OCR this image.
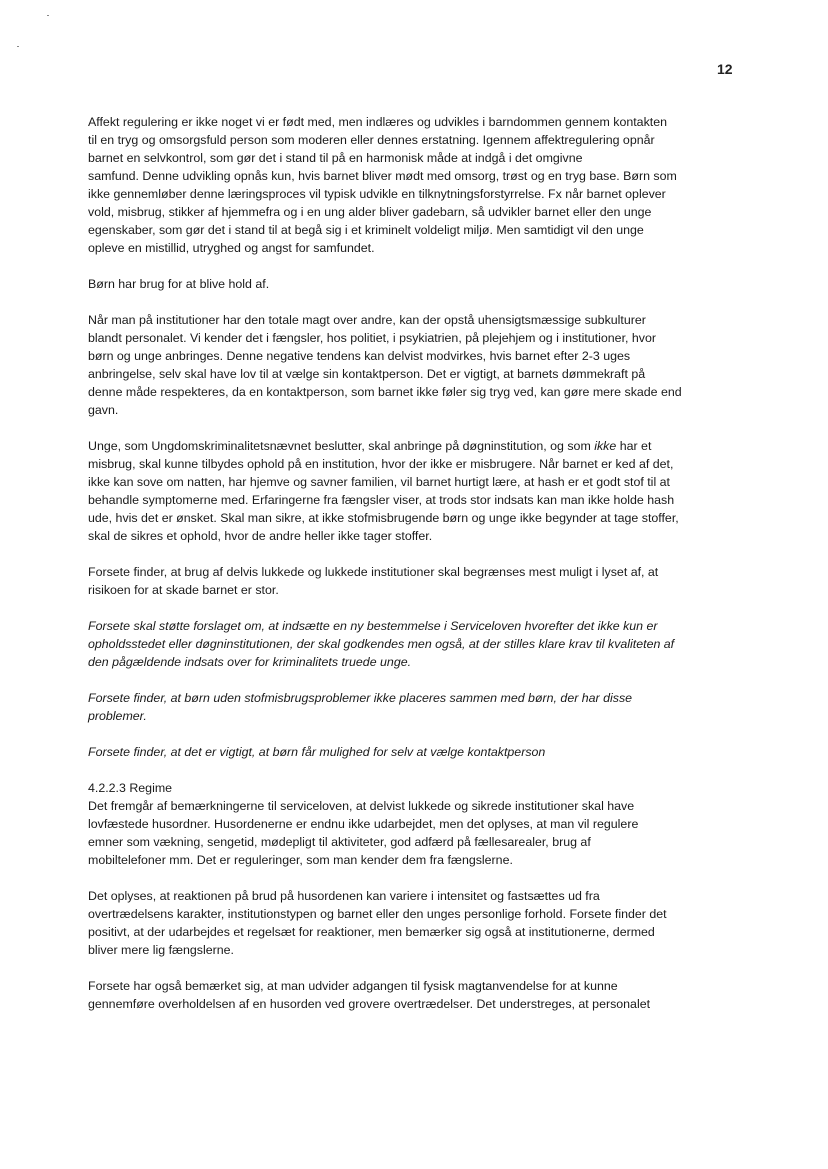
12

Affekt regulering er ikke noget vi er født med, men indlæres og udvikles i barndommen gennem kontakten
til en tryg og omsorgsfuld person som moderen eller dennes erstatning. Igennem affektregulering opnår
barnet en selvkontrol, som gør det i stand til på en harmonisk måde at indgå i det omgivne
samfund. Denne udvikling opnås kun, hvis barnet bliver mødt med omsorg, trøst og en tryg base. Børn som
ikke gennemløber denne læringsproces vil typisk udvikle en tilknytningsforstyrrelse. Fx når barnet oplever
vold, misbrug, stikker af hjemmefra og i en ung alder bliver gadebarn, så udvikler barnet eller den unge
egenskaber, som gør det i stand til at begå sig i et kriminelt voldeligt miljø. Men samtidigt vil den unge
opleve en mistillid, utryghed og angst for samfundet.

Børn har brug for at blive hold af.

Når man på institutioner har den totale magt over andre, kan der opstå uhensigtsmæssige subkulturer
blandt personalet. Vi kender det i fængsler, hos politiet, i psykiatrien, på plejehjem og i institutioner, hvor
børn og unge anbringes. Denne negative tendens kan delvist modvirkes, hvis barnet efter 2-3 uges
anbringelse, selv skal have lov til at vælge sin kontaktperson. Det er vigtigt, at barnets dømmekraft på
denne måde respekteres, da en kontaktperson, som barnet ikke føler sig tryg ved, kan gøre mere skade end
gavn.

Unge, som Ungdomskriminalitetsnævnet beslutter, skal anbringe på døgninstitution, og som ikke har et
misbrug, skal kunne tilbydes ophold på en institution, hvor der ikke er misbrugere. Når barnet er ked af det,
ikke kan sove om natten, har hjemve og savner familien, vil barnet hurtigt lære, at hash er et godt stof til at
behandle symptomerne med. Erfaringerne fra fængsler viser, at trods stor indsats kan man ikke holde hash
ude, hvis det er ønsket. Skal man sikre, at ikke stofmisbrugende børn og unge ikke begynder at tage stoffer,
skal de sikres et ophold, hvor de andre heller ikke tager stoffer.

Forsete finder, at brug af delvis lukkede og lukkede institutioner skal begrænses mest muligt i lyset af, at
risikoen for at skade barnet er stor.

Forsete skal støtte forslaget om, at indsætte en ny bestemmelse i Serviceloven hvorefter det ikke kun er
opholdsstedet eller døgninstitutionen, der skal godkendes men også, at der stilles klare krav til kvaliteten af
den pågældende indsats over for kriminalitets truede unge.

Forsete finder, at børn uden stofmisbrugsproblemer ikke placeres sammen med børn, der har disse
problemer.

Forsete finder, at det er vigtigt, at børn får mulighed for selv at vælge kontaktperson

4.2.2.3 Regime

Det fremgår af bemærkningerne til serviceloven, at delvist lukkede og sikrede institutioner skal have
lovfæstede husordner. Husordenerne er endnu ikke udarbejdet, men det oplyses, at man vil regulere
emner som vækning, sengetid, mødepligt til aktiviteter, god adfærd på fællesarealer, brug af
mobiltelefoner mm. Det er reguleringer, som man kender dem fra fængslerne.

Det oplyses, at reaktionen på brud på husordenen kan variere i intensitet og fastsættes ud fra
overtrædelsens karakter, institutionstypen og barnet eller den unges personlige forhold. Forsete finder det
positivt, at der udarbejdes et regelsæt for reaktioner, men bemærker sig også at institutionerne, dermed
bliver mere lig fængslerne.

Forsete har også bemærket sig, at man udvider adgangen til fysisk magtanvendelse for at kunne
gennemføre overholdelsen af en husorden ved grovere overtrædelser. Det understreges, at personalet
